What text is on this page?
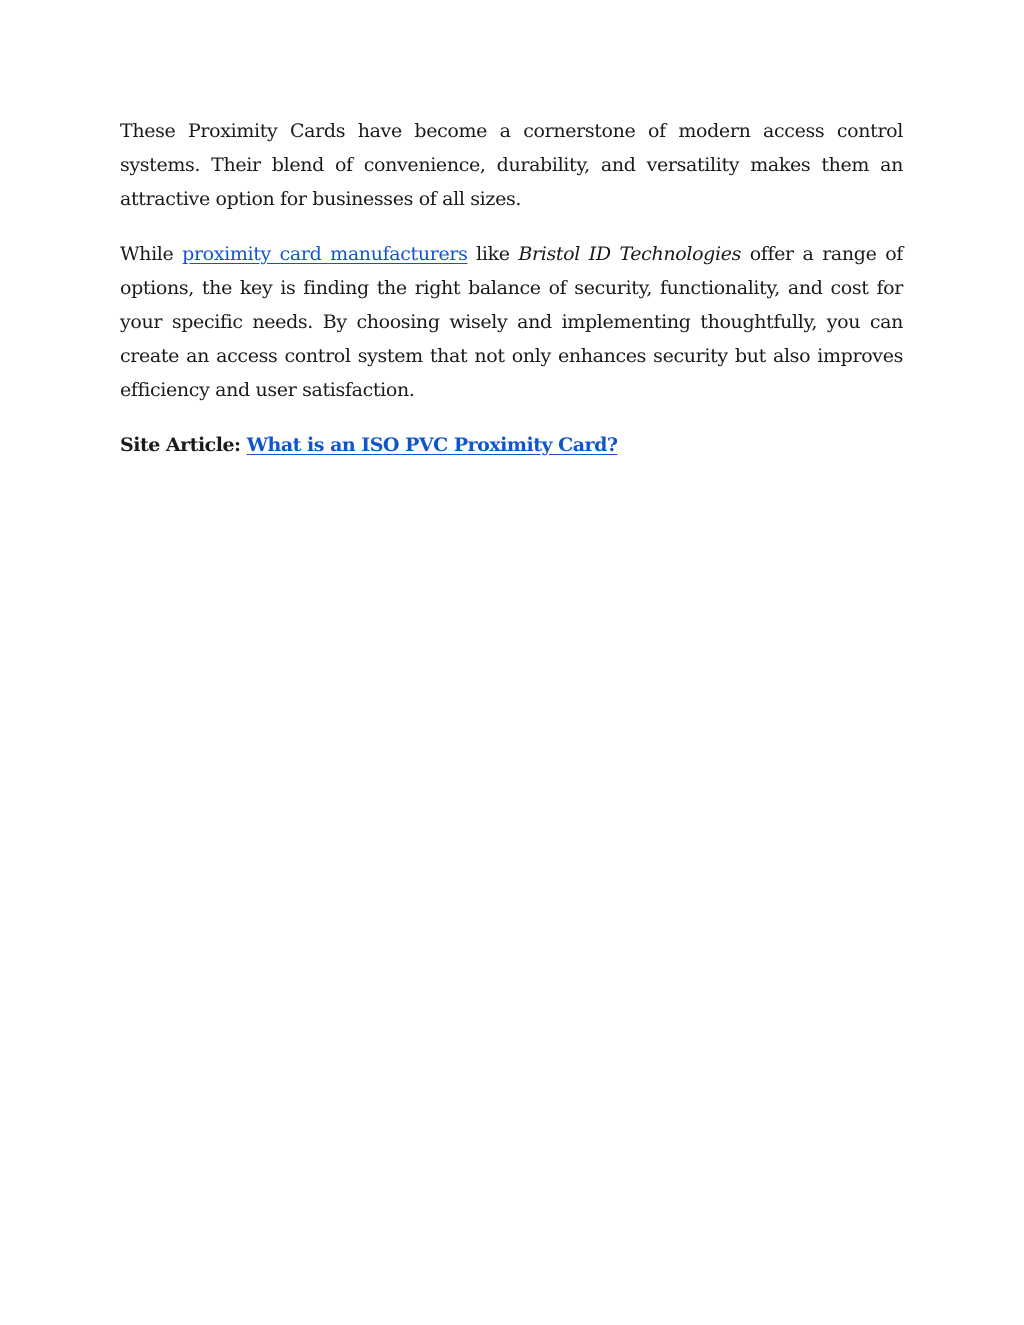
These Proximity Cards have become a cornerstone of modern access control systems. Their blend of convenience, durability, and versatility makes them an attractive option for businesses of all sizes.

While proximity card manufacturers like Bristol ID Technologies offer a range of options, the key is finding the right balance of security, functionality, and cost for your specific needs. By choosing wisely and implementing thoughtfully, you can create an access control system that not only enhances security but also improves efficiency and user satisfaction.

Site Article: What is an ISO PVC Proximity Card?
